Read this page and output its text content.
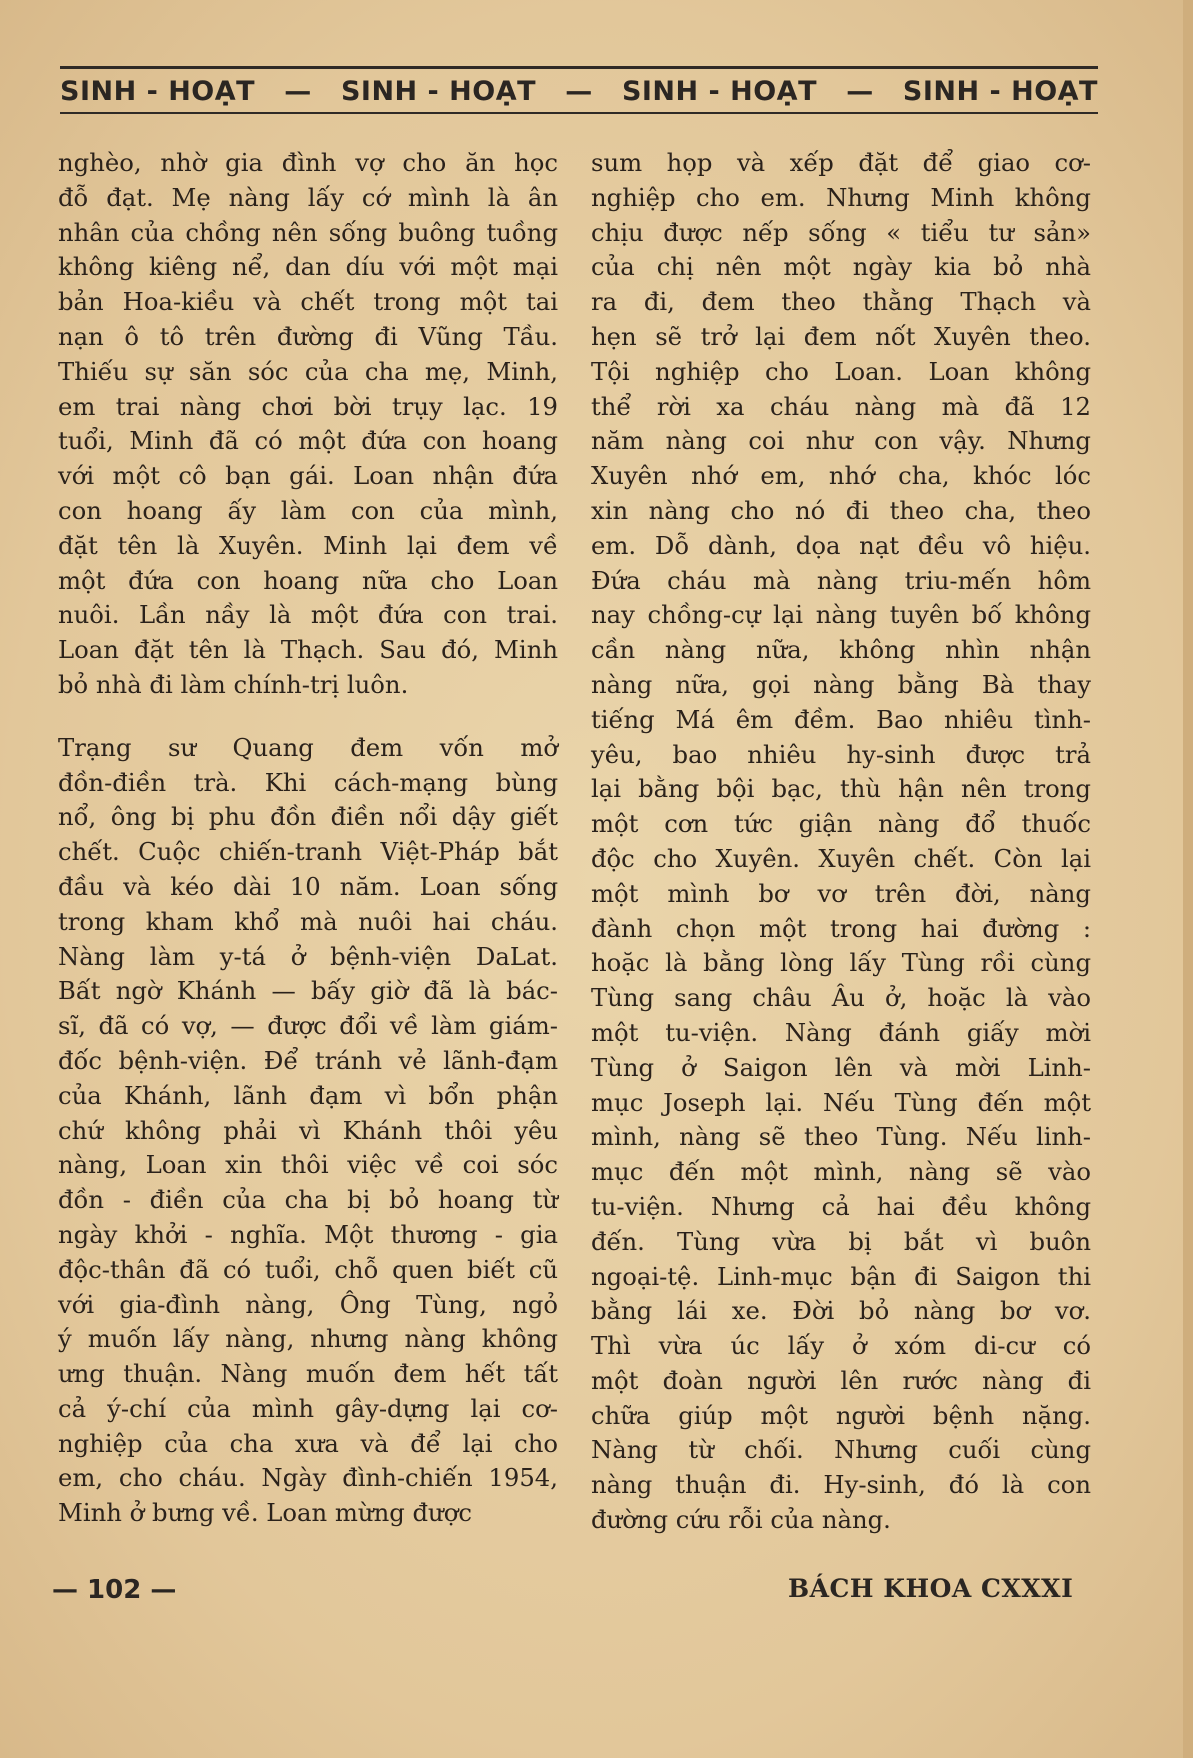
SINH - HOẠT — SINH - HOẠT — SINH - HOẠT — SINH - HOẠT
nghèo, nhờ gia đình vợ cho ăn học
đỗ đạt. Mẹ nàng lấy cớ mình là ân
nhân của chồng nên sống buông tuồng
không kiêng nể, dan díu với một mại
bản Hoa-kiều và chết trong một tai
nạn ô tô trên đường đi Vũng Tầu.
Thiếu sự săn sóc của cha mẹ, Minh,
em trai nàng chơi bời trụy lạc. 19
tuổi, Minh đã có một đứa con hoang
với một cô bạn gái. Loan nhận đứa
con hoang ấy làm con của mình,
đặt tên là Xuyên. Minh lại đem về
một đứa con hoang nữa cho Loan
nuôi. Lần nầy là một đứa con trai.
Loan đặt tên là Thạch. Sau đó, Minh
bỏ nhà đi làm chính-trị luôn.
Trạng sư Quang đem vốn mở
đồn-điền trà. Khi cách-mạng bùng
nổ, ông bị phu đồn điền nổi dậy giết
chết. Cuộc chiến-tranh Việt-Pháp bắt
đầu và kéo dài 10 năm. Loan sống
trong kham khổ mà nuôi hai cháu.
Nàng làm y-tá ở bệnh-viện DaLat.
Bất ngờ Khánh — bấy giờ đã là bác-
sĩ, đã có vợ, — được đổi về làm giám-
đốc bệnh-viện. Để tránh vẻ lãnh-đạm
của Khánh, lãnh đạm vì bổn phận
chứ không phải vì Khánh thôi yêu
nàng, Loan xin thôi việc về coi sóc
đồn - điền của cha bị bỏ hoang từ
ngày khởi - nghĩa. Một thương - gia
độc-thân đã có tuổi, chỗ quen biết cũ
với gia-đình nàng, Ông Tùng, ngỏ
ý muốn lấy nàng, nhưng nàng không
ưng thuận. Nàng muốn đem hết tất
cả ý-chí của mình gây-dựng lại cơ-
nghiệp của cha xưa và để lại cho
em, cho cháu. Ngày đình-chiến 1954,
Minh ở bưng về. Loan mừng được
sum họp và xếp đặt để giao cơ-
nghiệp cho em. Nhưng Minh không
chịu được nếp sống « tiểu tư sản»
của chị nên một ngày kia bỏ nhà
ra đi, đem theo thằng Thạch và
hẹn sẽ trở lại đem nốt Xuyên theo.
Tội nghiệp cho Loan. Loan không
thể rời xa cháu nàng mà đã 12
năm nàng coi như con vậy. Nhưng
Xuyên nhớ em, nhớ cha, khóc lóc
xin nàng cho nó đi theo cha, theo
em. Dỗ dành, dọa nạt đều vô hiệu.
Đứa cháu mà nàng triu-mến hôm
nay chồng-cự lại nàng tuyên bố không
cần nàng nữa, không nhìn nhận
nàng nữa, gọi nàng bằng Bà thay
tiếng Má êm đềm. Bao nhiêu tình-
yêu, bao nhiêu hy-sinh được trả
lại bằng bội bạc, thù hận nên trong
một cơn tức giận nàng đổ thuốc
độc cho Xuyên. Xuyên chết. Còn lại
một mình bơ vơ trên đời, nàng
đành chọn một trong hai đường :
hoặc là bằng lòng lấy Tùng rồi cùng
Tùng sang châu Âu ở, hoặc là vào
một tu-viện. Nàng đánh giấy mời
Tùng ở Saigon lên và mời Linh-
mục Joseph lại. Nếu Tùng đến một
mình, nàng sẽ theo Tùng. Nếu linh-
mục đến một mình, nàng sẽ vào
tu-viện. Nhưng cả hai đều không
đến. Tùng vừa bị bắt vì buôn
ngoại-tệ. Linh-mục bận đi Saigon thi
bằng lái xe. Đời bỏ nàng bơ vơ.
Thì vừa úc lấy ở xóm di-cư có
một đoàn người lên rước nàng đi
chữa giúp một người bệnh nặng.
Nàng từ chối. Nhưng cuối cùng
nàng thuận đi. Hy-sinh, đó là con
đường cứu rỗi của nàng.
— 102 —	BÁCH KHOA CXXXI
